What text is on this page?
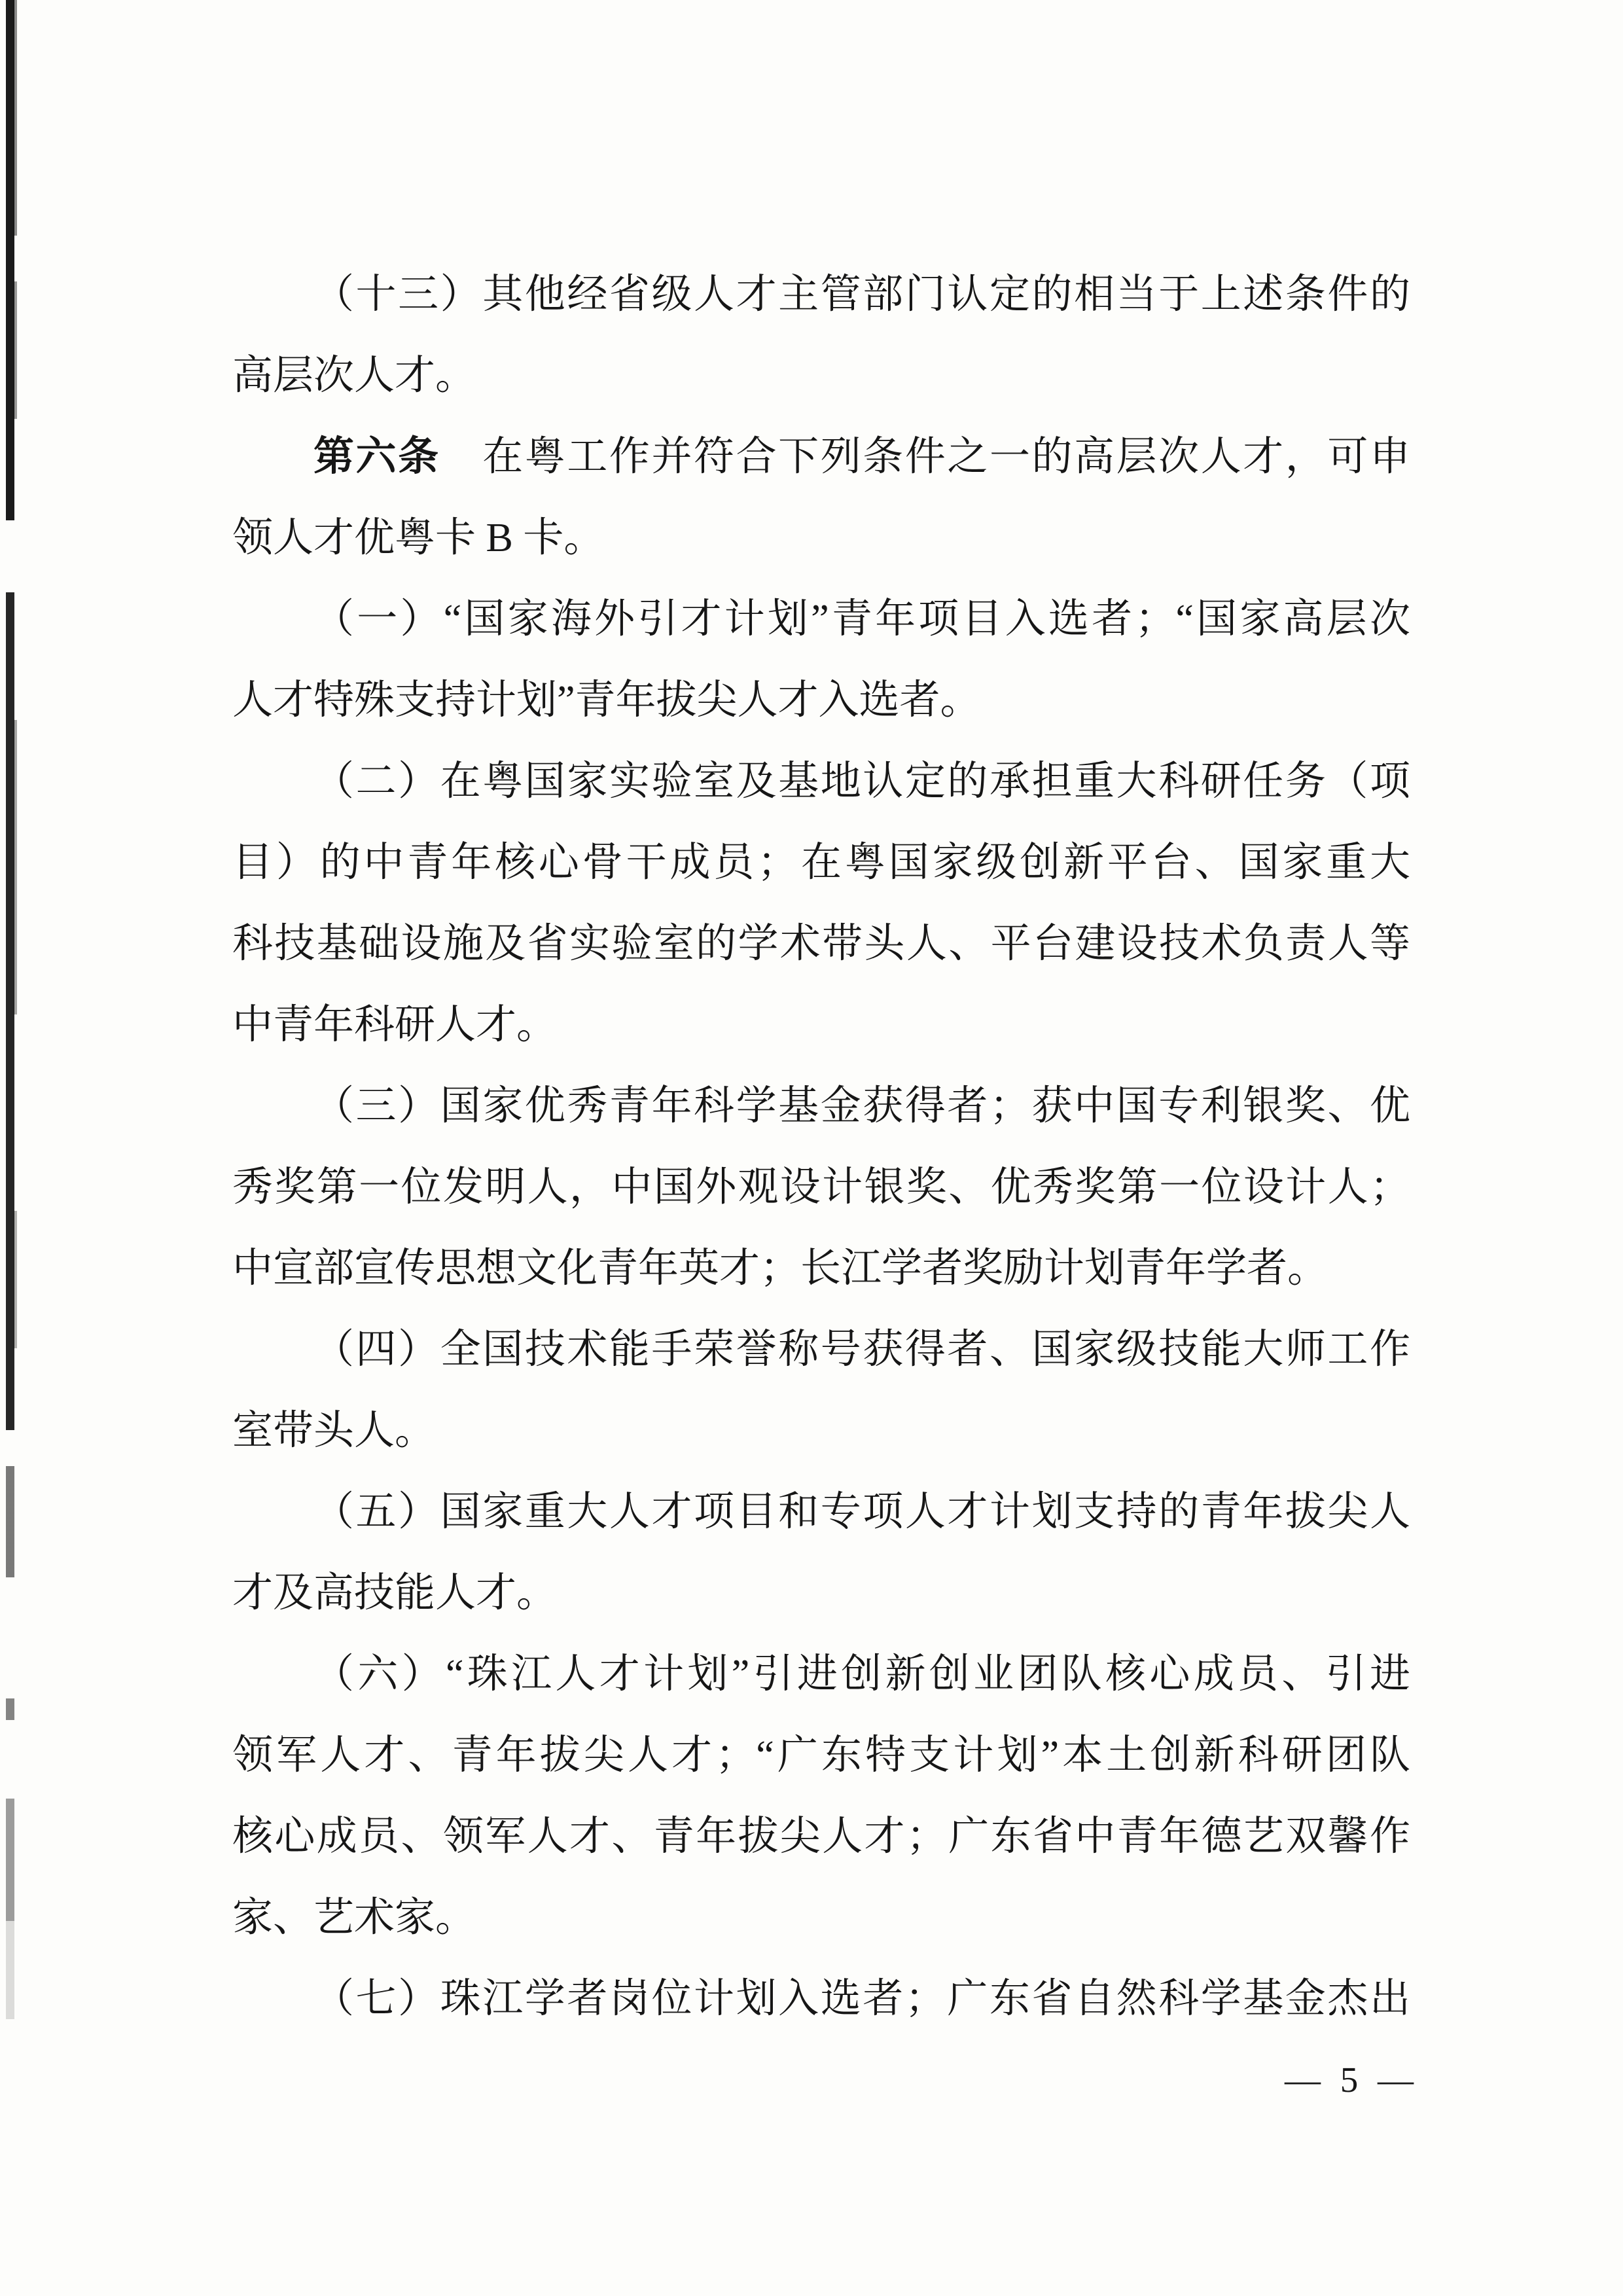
（十三）其他经省级人才主管部门认定的相当于上述条件的
高层次人才。
第六条　在粤工作并符合下列条件之一的高层次人才，可申
领人才优粤卡 B 卡。
（一）“国家海外引才计划”青年项目入选者；“国家高层次
人才特殊支持计划”青年拔尖人才入选者。
（二）在粤国家实验室及基地认定的承担重大科研任务（项
目）的中青年核心骨干成员；在粤国家级创新平台、国家重大
科技基础设施及省实验室的学术带头人、平台建设技术负责人等
中青年科研人才。
（三）国家优秀青年科学基金获得者；获中国专利银奖、优
秀奖第一位发明人，中国外观设计银奖、优秀奖第一位设计人；
中宣部宣传思想文化青年英才；长江学者奖励计划青年学者。
（四）全国技术能手荣誉称号获得者、国家级技能大师工作
室带头人。
（五）国家重大人才项目和专项人才计划支持的青年拔尖人
才及高技能人才。
（六）“珠江人才计划”引进创新创业团队核心成员、引进
领军人才、青年拔尖人才；“广东特支计划”本土创新科研团队
核心成员、领军人才、青年拔尖人才；广东省中青年德艺双馨作
家、艺术家。
（七）珠江学者岗位计划入选者；广东省自然科学基金杰出
— 5 —
